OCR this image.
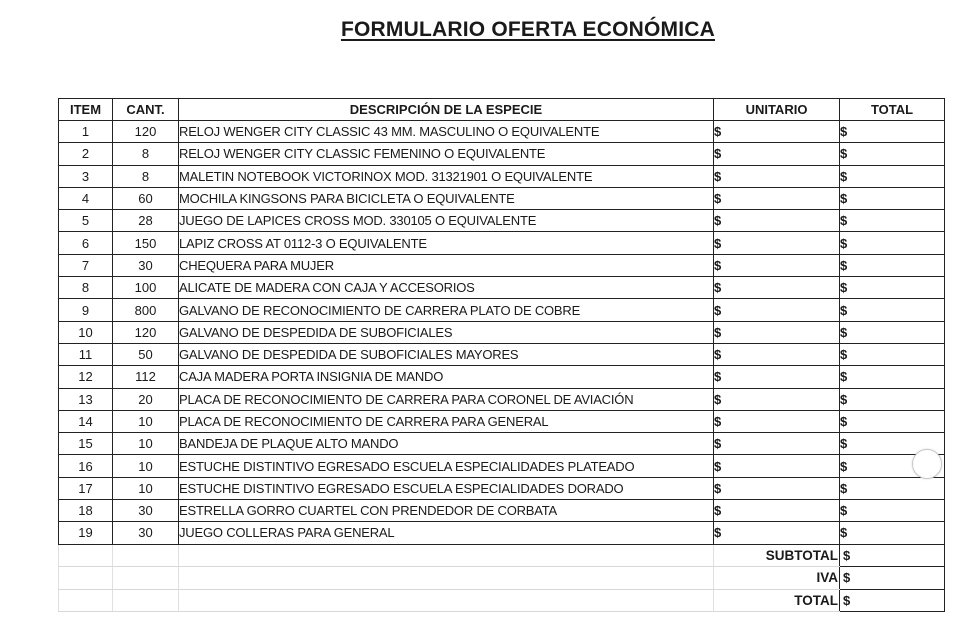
FORMULARIO OFERTA ECONÓMICA
ITEM	CANT.	DESCRIPCIÓN DE LA ESPECIE	UNITARIO	TOTAL
1	120	RELOJ WENGER CITY CLASSIC 43 MM. MASCULINO O EQUIVALENTE	$	$
2	8	RELOJ WENGER CITY CLASSIC FEMENINO O EQUIVALENTE	$	$
3	8	MALETIN NOTEBOOK VICTORINOX MOD. 31321901 O EQUIVALENTE	$	$
4	60	MOCHILA KINGSONS PARA BICICLETA O EQUIVALENTE	$	$
5	28	JUEGO DE LAPICES CROSS MOD. 330105 O EQUIVALENTE	$	$
6	150	LAPIZ CROSS AT 0112-3 O EQUIVALENTE	$	$
7	30	CHEQUERA PARA MUJER	$	$
8	100	ALICATE DE MADERA CON CAJA Y ACCESORIOS	$	$
9	800	GALVANO DE RECONOCIMIENTO DE CARRERA PLATO DE COBRE	$	$
10	120	GALVANO DE DESPEDIDA DE SUBOFICIALES	$	$
11	50	GALVANO DE DESPEDIDA DE SUBOFICIALES MAYORES	$	$
12	112	CAJA MADERA PORTA INSIGNIA DE MANDO	$	$
13	20	PLACA DE RECONOCIMIENTO DE CARRERA PARA CORONEL DE AVIACIÓN	$	$
14	10	PLACA DE RECONOCIMIENTO DE CARRERA PARA GENERAL	$	$
15	10	BANDEJA DE PLAQUE ALTO MANDO	$	$
16	10	ESTUCHE DISTINTIVO EGRESADO ESCUELA ESPECIALIDADES PLATEADO	$	$
17	10	ESTUCHE DISTINTIVO EGRESADO ESCUELA ESPECIALIDADES DORADO	$	$
18	30	ESTRELLA GORRO CUARTEL CON PRENDEDOR DE CORBATA	$	$
19	30	JUEGO COLLERAS PARA GENERAL	$	$
			SUBTOTAL	$
			IVA	$
			TOTAL	$
